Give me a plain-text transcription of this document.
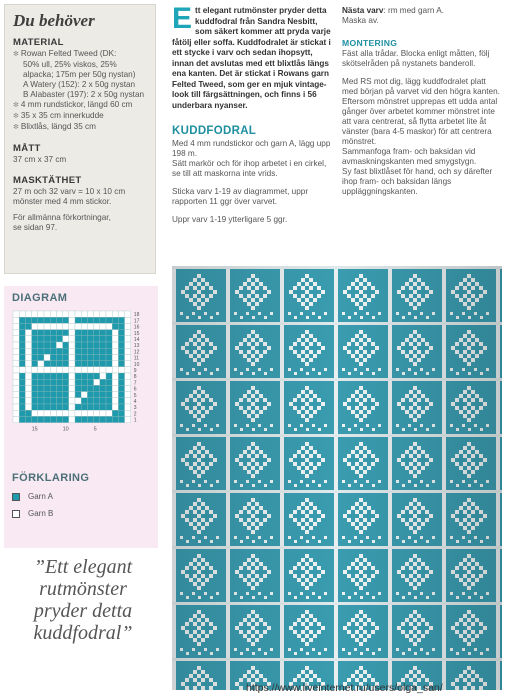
Du behöver
MATERIAL
✼ Rowan Felted Tweed (DK:
50% ull, 25% viskos, 25%
alpacka; 175m per 50g nystan)
A Watery (152): 2 x 50g nystan
B Alabaster (197): 2 x 50g nystan
✼ 4 mm rundstickor, längd 60 cm
✼ 35 x 35 cm innerkudde
✼ Blixtlås, längd 35 cm
MÅTT
37 cm x 37 cm
MASKTÄTHET
27 m och 32 varv = 10 x 10 cm
mönster med 4 mm stickor.
För allmänna förkortningar,
se sidan 97.
DIAGRAM
18
17
16
15
14
13
12
11
10
9
8
7
6
5
4
3
2
1
15	10	5
FÖRKLARING
Garn A
Garn B
”Ett elegant
rutmönster
pryder detta
kuddfodral”

Ett elegant rutmönster pryder detta kuddfodral från Sandra Nesbitt, som säkert kommer att pryda varje fåtölj eller soffa. Kuddfodralet är stickat i ett stycke i varv och sedan ihopsytt, innan det avslutas med ett blixtlås längs ena kanten. Det är stickat i Rowans garn Felted Tweed, som ger en mjuk vintage-look till färgsättningen, och finns i 56 underbara nyanser.

KUDDFODRAL
Med 4 mm rundstickor och garn A, lägg upp 198 m.
Sätt markör och för ihop arbetet i en cirkel, se till att maskorna inte vrids.
Sticka varv 1-19 av diagrammet, uppr rapporten 11 ggr över varvet.
Uppr varv 1-19 ytterligare 5 ggr.
Nästa varv: rm med garn A.
Maska av.
MONTERING
Fäst alla trådar. Blocka enligt måtten, följ skötselråden på nystanets banderoll.
Med RS mot dig, lägg kuddfodralet platt med början på varvet vid den högra kanten. Eftersom mönstret upprepas ett udda antal gånger över arbetet kommer mönstret inte att vara centrerat, så flytta arbetet lite åt vänster (bara 4-5 maskor) för att centrera mönstret.
Sammanfoga fram- och baksidan vid avmaskningskanten med smygstygn.
Sy fast blixtlåset för hand, och sy därefter ihop fram- och baksidan längs uppläggningskanten.
https://www.liveinternet.ru/users/olga_san/
